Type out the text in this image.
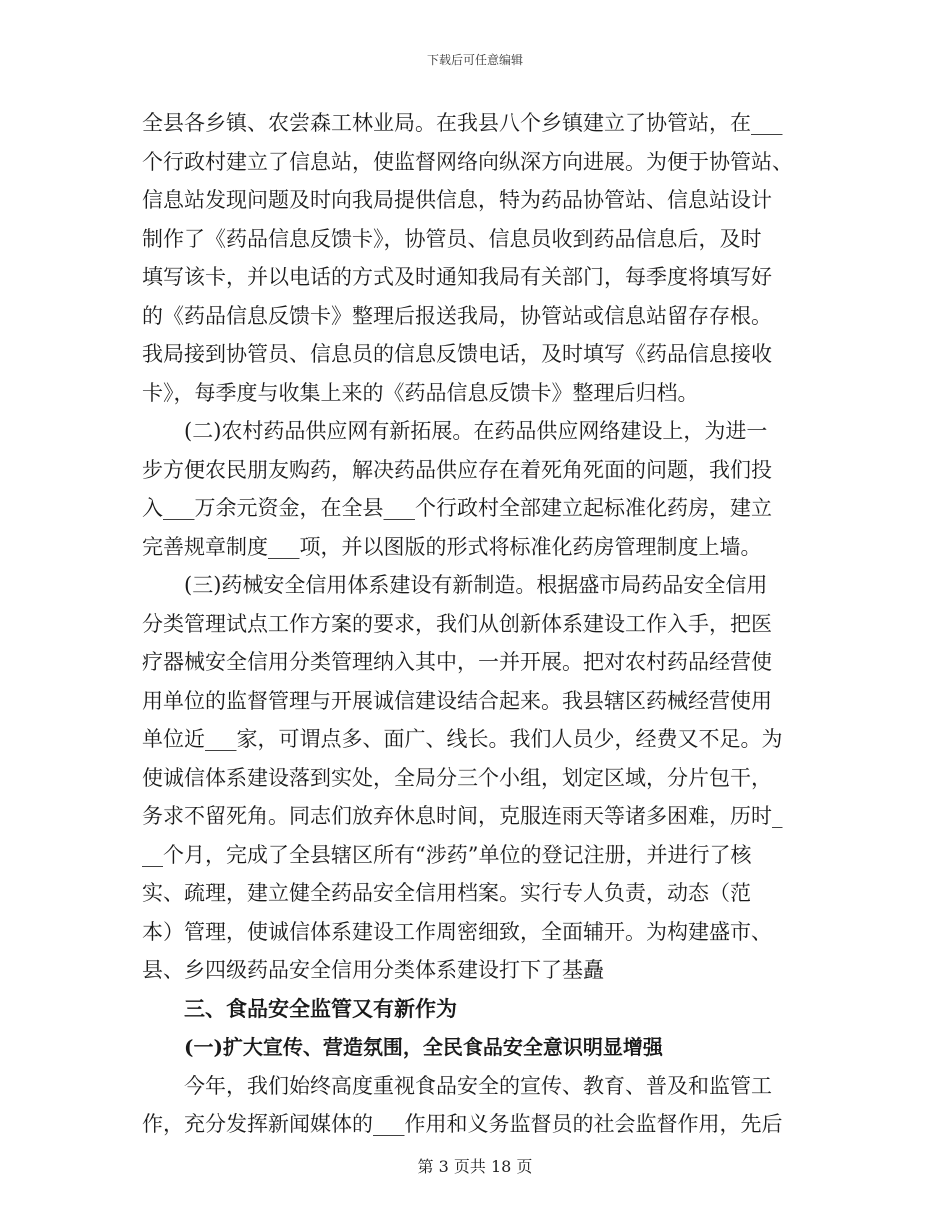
下载后可任意编辑
全县各乡镇、农尝森工林业局。在我县八个乡镇建立了协管站，在___
个行政村建立了信息站，使监督网络向纵深方向进展。为便于协管站、
信息站发现问题及时向我局提供信息，特为药品协管站、信息站设计
制作了《药品信息反馈卡》，协管员、信息员收到药品信息后，及时
填写该卡，并以电话的方式及时通知我局有关部门，每季度将填写好
的《药品信息反馈卡》整理后报送我局，协管站或信息站留存存根。
我局接到协管员、信息员的信息反馈电话，及时填写《药品信息接收
卡》，每季度与收集上来的《药品信息反馈卡》整理后归档。
(二)农村药品供应网有新拓展。在药品供应网络建设上，为进一
步方便农民朋友购药，解决药品供应存在着死角死面的问题，我们投
入___万余元资金，在全县___个行政村全部建立起标准化药房，建立
完善规章制度___项，并以图版的形式将标准化药房管理制度上墙。
(三)药械安全信用体系建设有新制造。根据盛市局药品安全信用
分类管理试点工作方案的要求，我们从创新体系建设工作入手，把医
疗器械安全信用分类管理纳入其中，一并开展。把对农村药品经营使
用单位的监督管理与开展诚信建设结合起来。我县辖区药械经营使用
单位近___家，可谓点多、面广、线长。我们人员少，经费又不足。为
使诚信体系建设落到实处，全局分三个小组，划定区域，分片包干，
务求不留死角。同志们放弃休息时间，克服连雨天等诸多困难，历时_
__个月，完成了全县辖区所有“涉药”单位的登记注册，并进行了核
实、疏理，建立健全药品安全信用档案。实行专人负责，动态（范
本）管理，使诚信体系建设工作周密细致，全面辅开。为构建盛市、
县、乡四级药品安全信用分类体系建设打下了基矗
三、食品安全监管又有新作为
(一)扩大宣传、营造氛围，全民食品安全意识明显增强
今年，我们始终高度重视食品安全的宣传、教育、普及和监管工
作，充分发挥新闻媒体的___作用和义务监督员的社会监督作用，先后
第 3 页共 18 页
